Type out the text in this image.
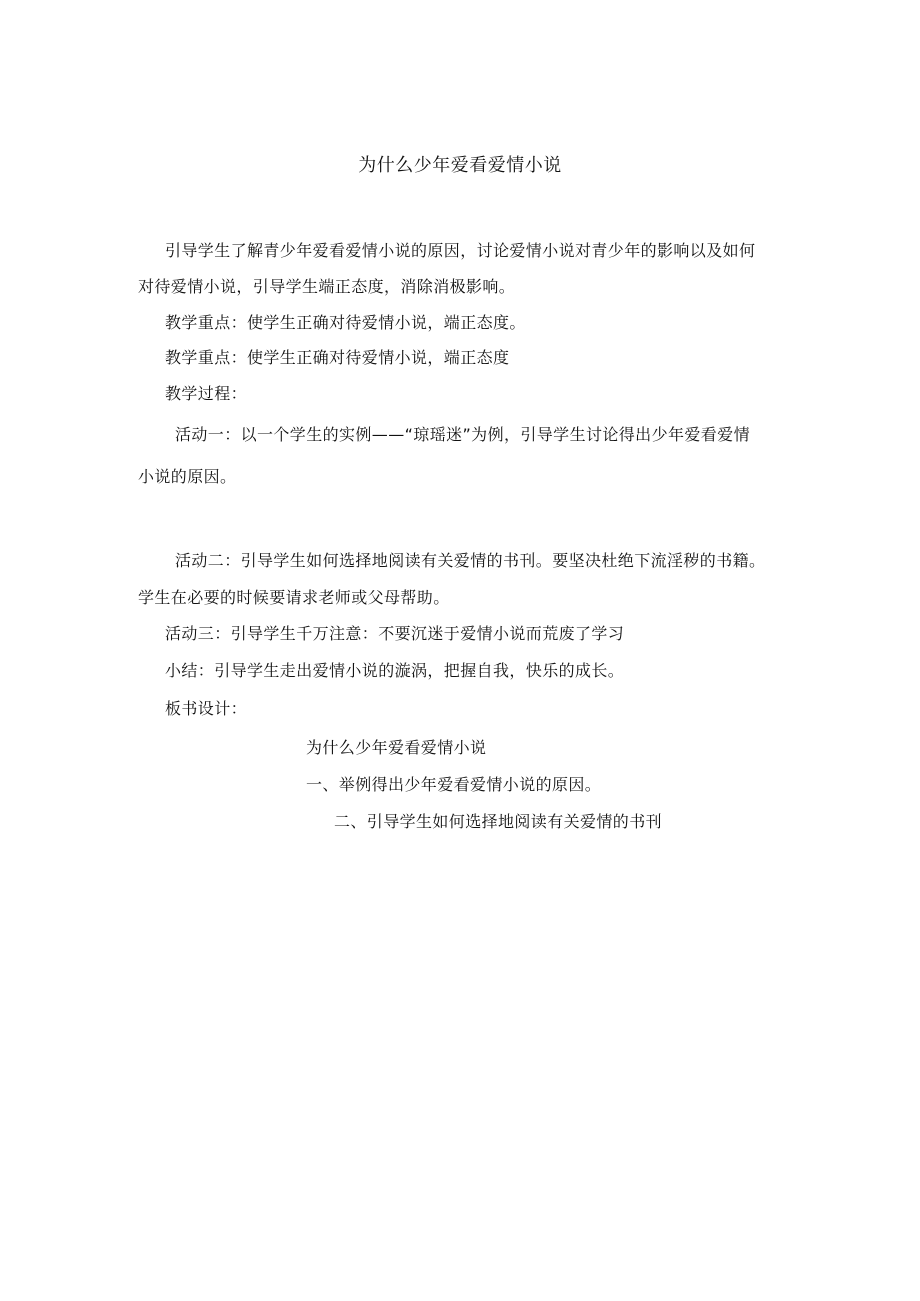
为什么少年爱看爱情小说
引导学生了解青少年爱看爱情小说的原因，讨论爱情小说对青少年的影响以及如何
对待爱情小说，引导学生端正态度，消除消极影响。
教学重点：使学生正确对待爱情小说，端正态度。
教学重点：使学生正确对待爱情小说，端正态度
教学过程：
活动一：以一个学生的实例——“琼瑶迷”为例，引导学生讨论得出少年爱看爱情
小说的原因。
活动二：引导学生如何选择地阅读有关爱情的书刊。要坚决杜绝下流淫秽的书籍。
学生在必要的时候要请求老师或父母帮助。
活动三：引导学生千万注意：不要沉迷于爱情小说而荒废了学习
小结：引导学生走出爱情小说的漩涡，把握自我，快乐的成长。
板书设计：
为什么少年爱看爱情小说
一、举例得出少年爱看爱情小说的原因。
二、引导学生如何选择地阅读有关爱情的书刊
